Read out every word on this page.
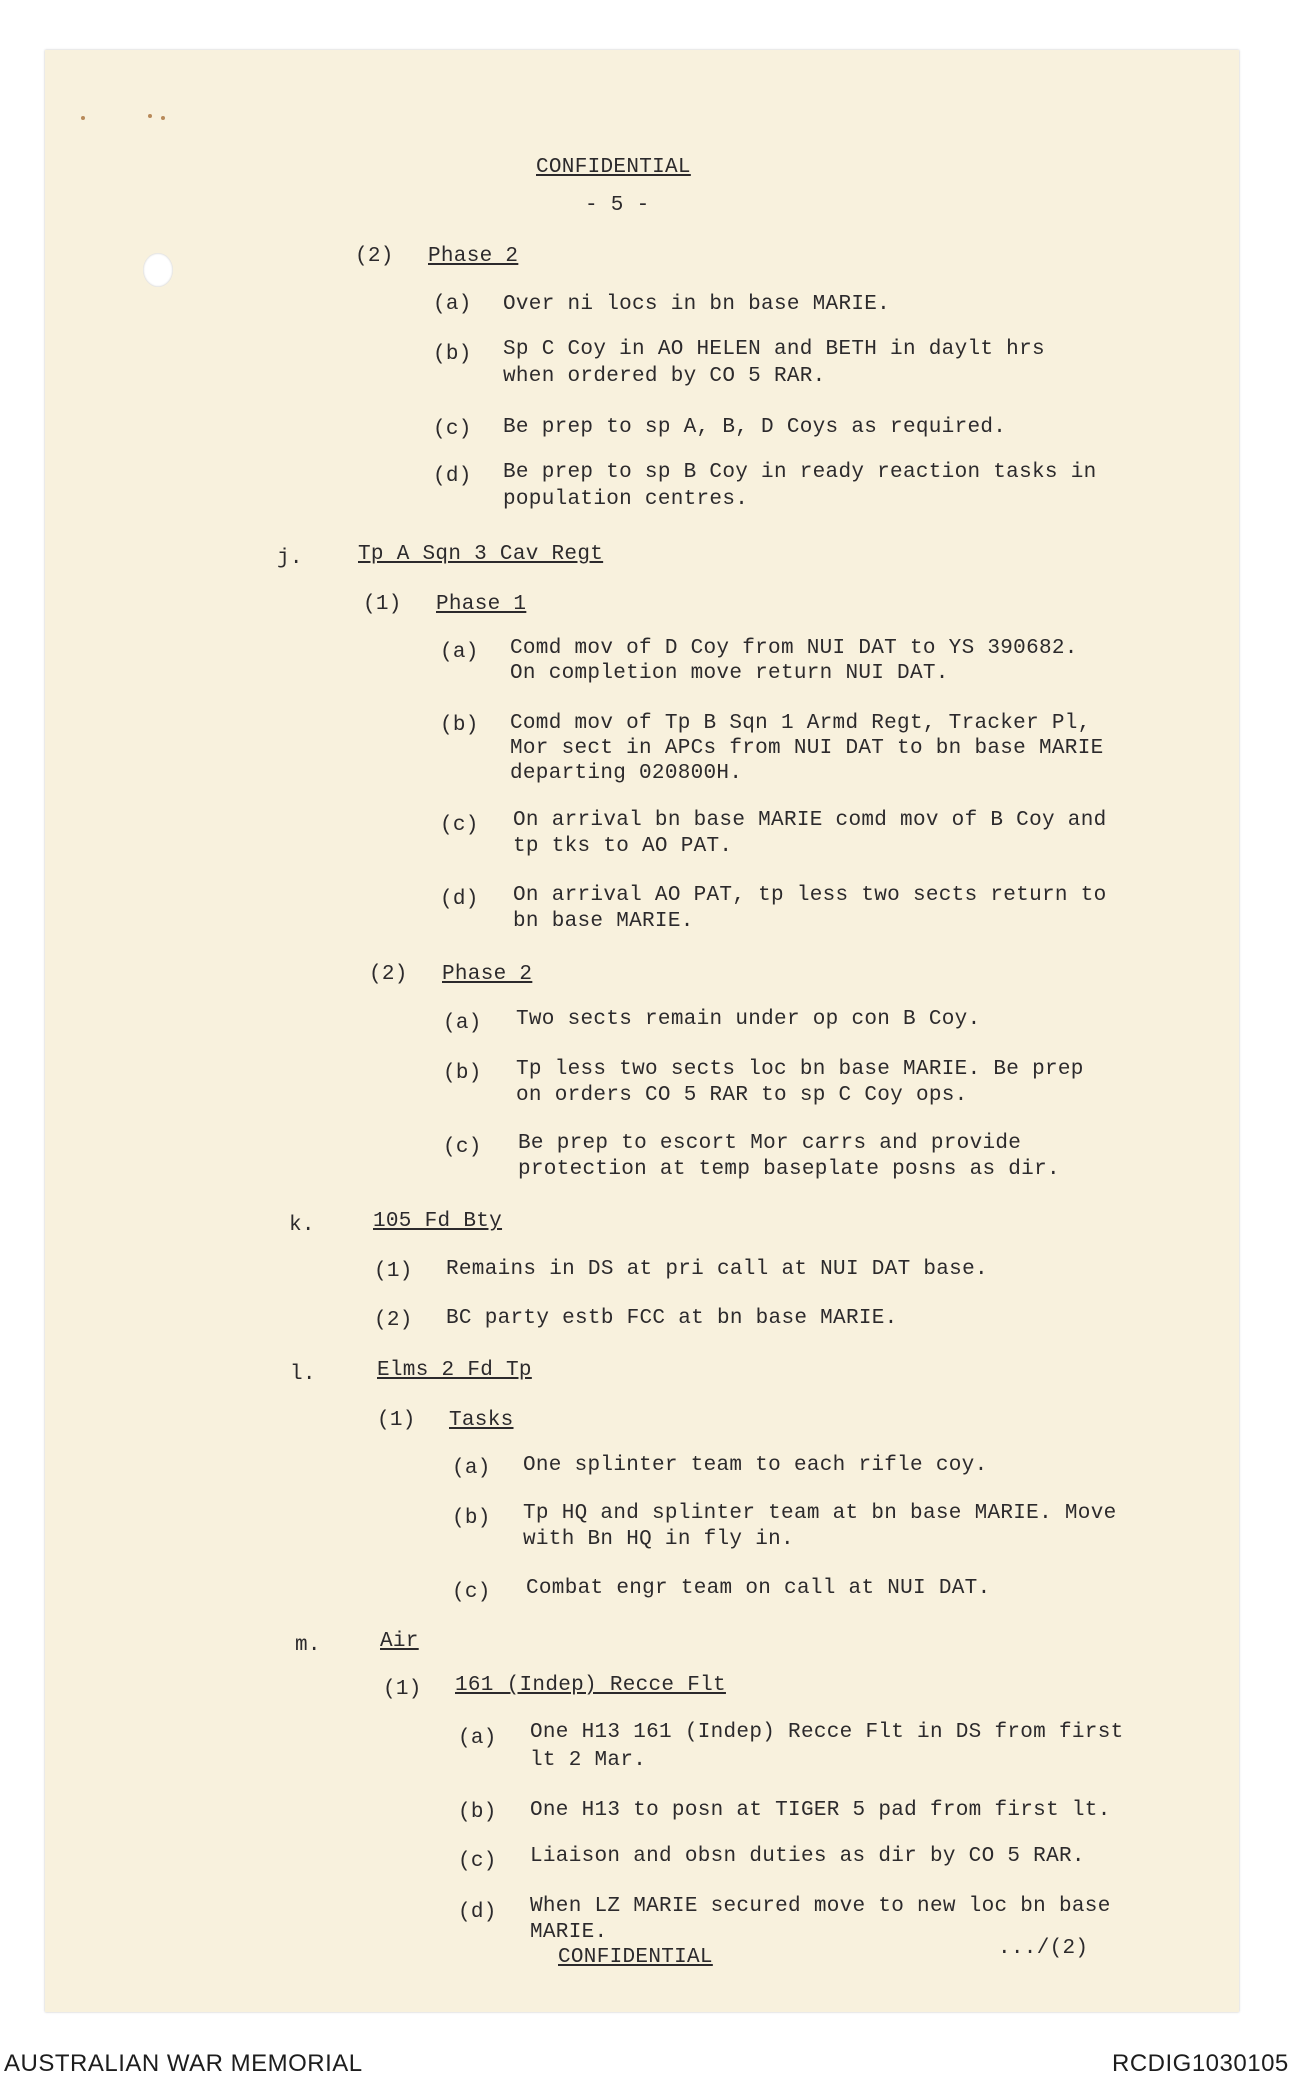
CONFIDENTIAL
- 5 -
(2) Phase 2
(a) Over ni locs in bn base MARIE.
(b) Sp C Coy in AO HELEN and BETH in daylt hrs
when ordered by CO 5 RAR.
(c) Be prep to sp A, B, D Coys as required.
(d) Be prep to sp B Coy in ready reaction tasks in
population centres.
j.	Tp A Sqn 3 Cav Regt
(1) Phase 1
(a) Comd mov of D Coy from NUI DAT to YS 390682.
On completion move return NUI DAT.
(b) Comd mov of Tp B Sqn 1 Armd Regt, Tracker Pl,
Mor sect in APCs from NUI DAT to bn base MARIE
departing 020800H.
(c) On arrival bn base MARIE comd mov of B Coy and
tp tks to AO PAT.
(d) On arrival AO PAT, tp less two sects return to
bn base MARIE.
(2) Phase 2
(a) Two sects remain under op con B Coy.
(b) Tp less two sects loc bn base MARIE. Be prep
on orders CO 5 RAR to sp C Coy ops.
(c) Be prep to escort Mor carrs and provide
protection at temp baseplate posns as dir.
k.	105 Fd Bty
(1) Remains in DS at pri call at NUI DAT base.
(2) BC party estb FCC at bn base MARIE.
l.	Elms 2 Fd Tp
(1) Tasks
(a) One splinter team to each rifle coy.
(b) Tp HQ and splinter team at bn base MARIE. Move
with Bn HQ in fly in.
(c) Combat engr team on call at NUI DAT.
m.	Air
(1) 161 (Indep) Recce Flt
(a) One H13 161 (Indep) Recce Flt in DS from first
lt 2 Mar.
(b) One H13 to posn at TIGER 5 pad from first lt.
(c) Liaison and obsn duties as dir by CO 5 RAR.
(d) When LZ MARIE secured move to new loc bn base
MARIE.
CONFIDENTIAL	.../(2)
AUSTRALIAN WAR MEMORIAL	RCDIG1030105
